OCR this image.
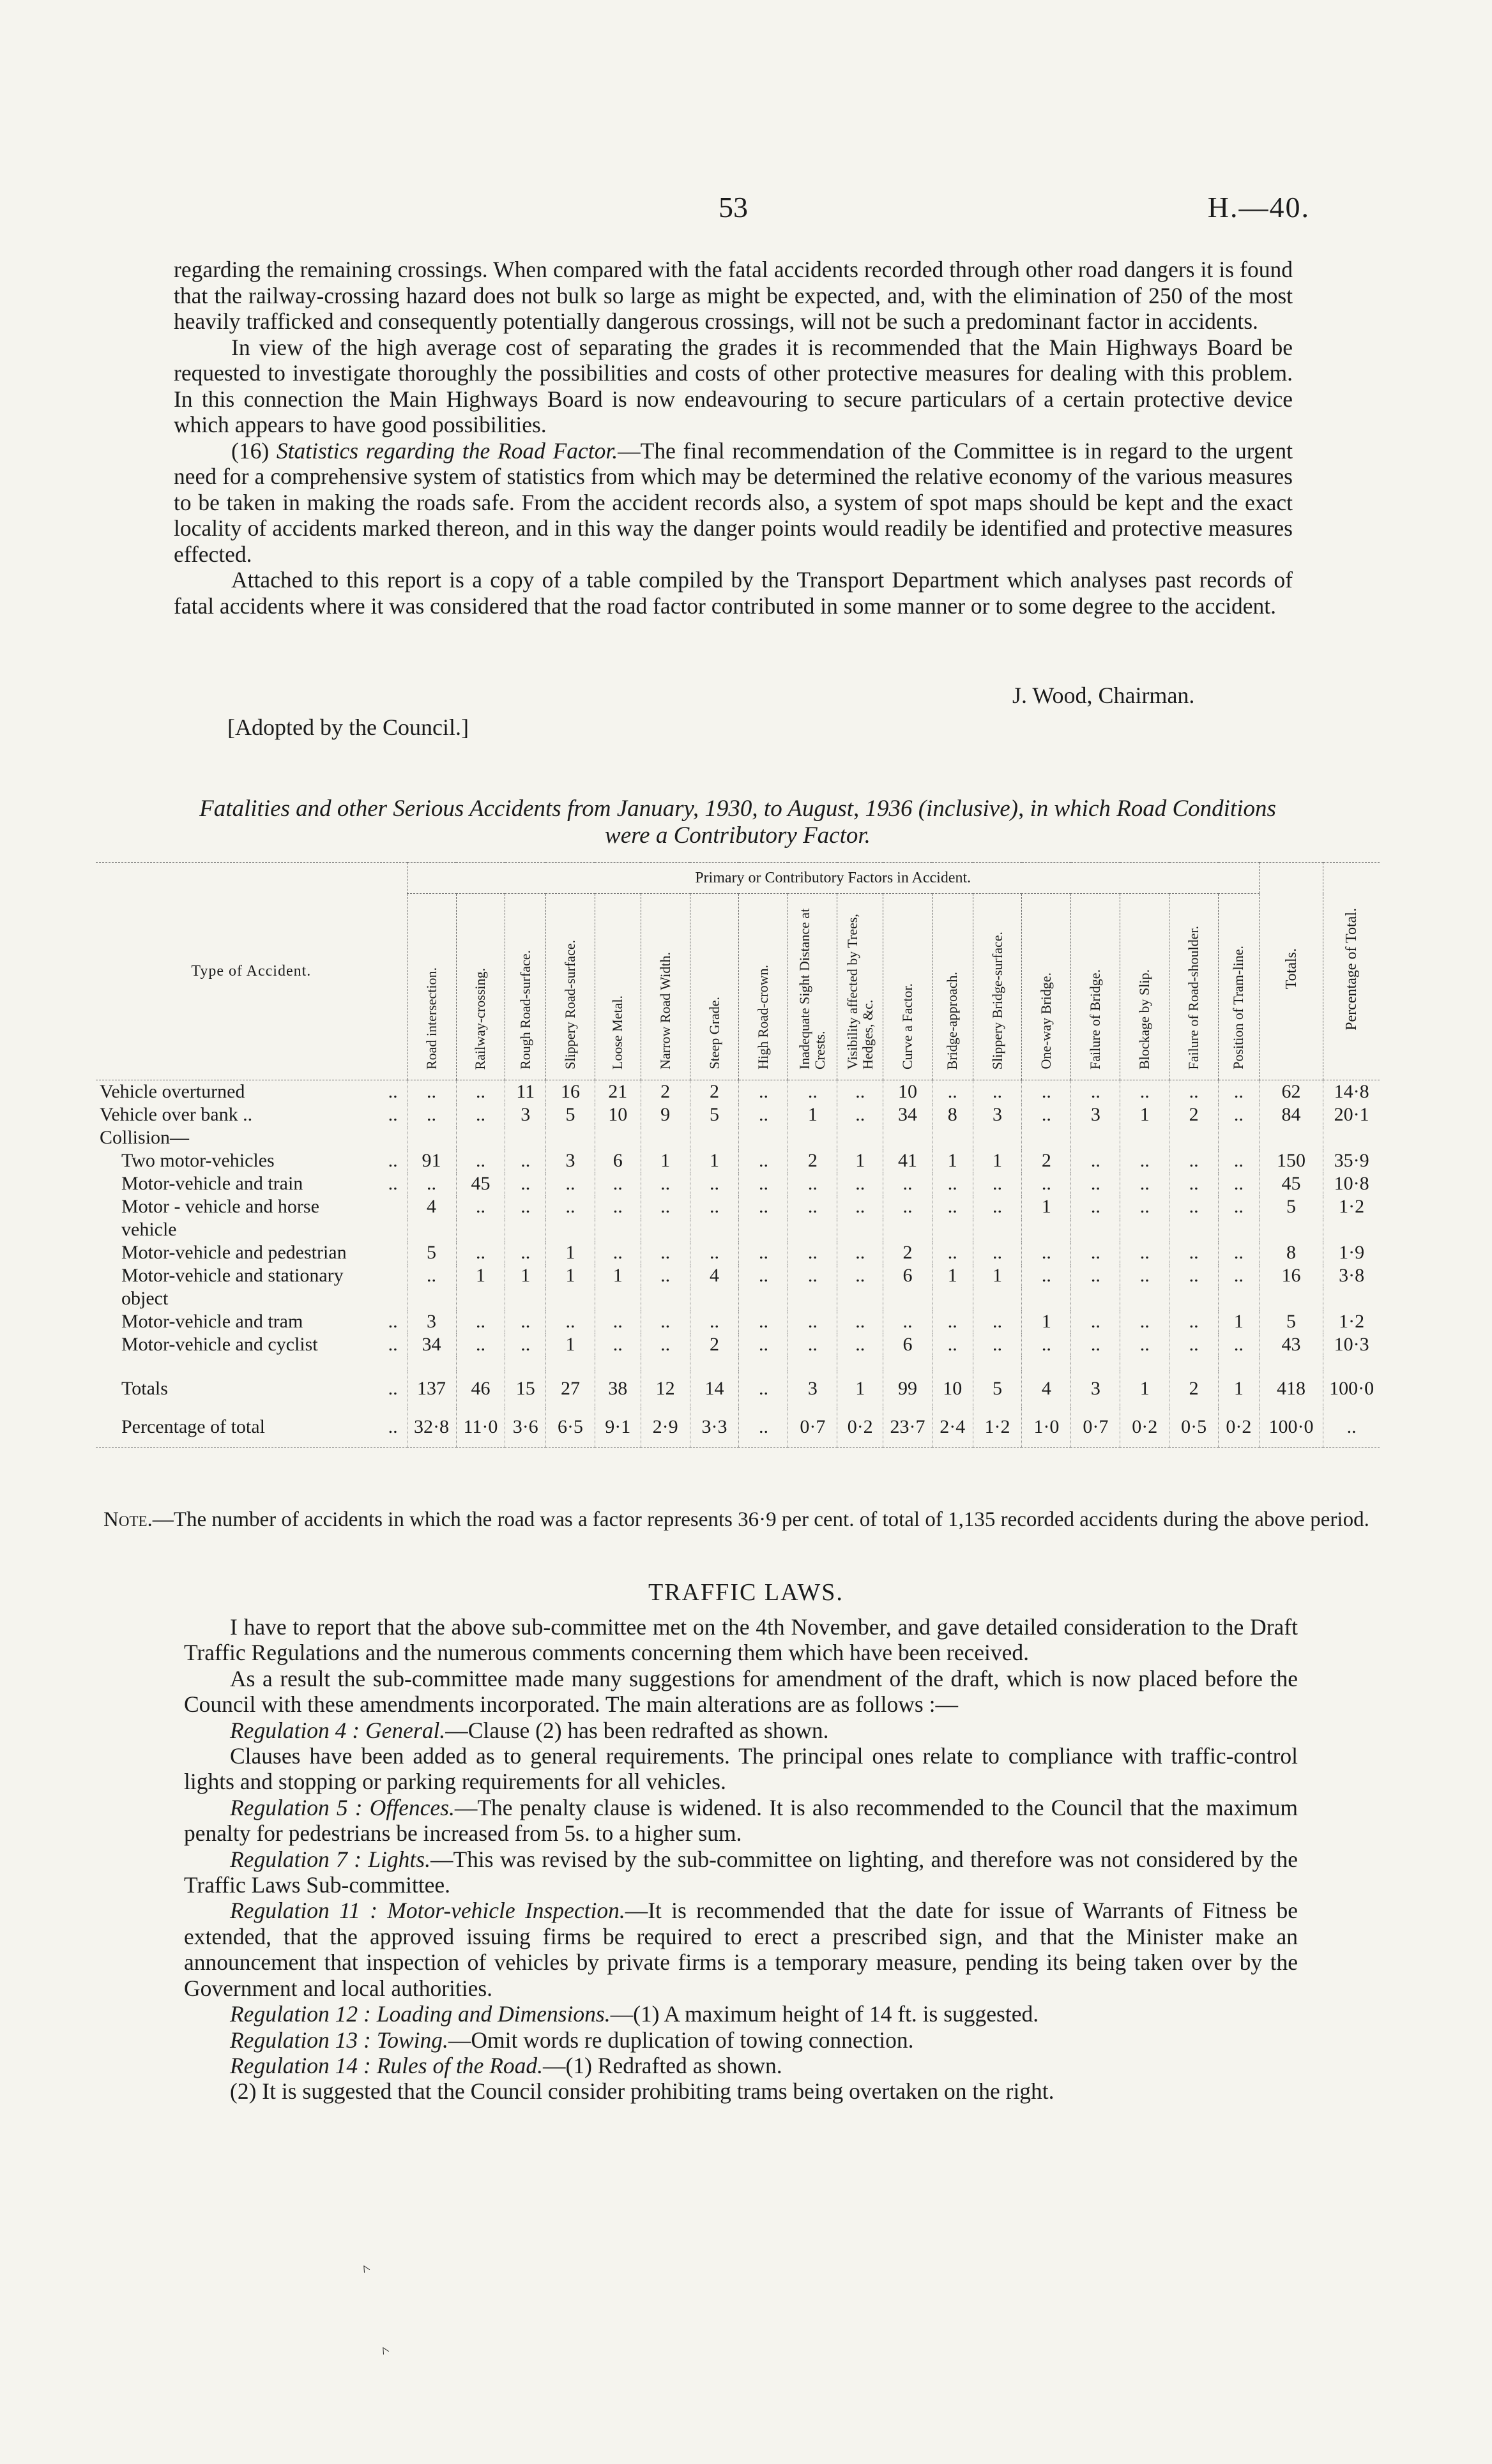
53	H.—40.

regarding the remaining crossings. When compared with the fatal accidents recorded through other road dangers it is found that the railway-crossing hazard does not bulk so large as might be expected, and, with the elimination of 250 of the most heavily trafficked and consequently potentially dangerous crossings, will not be such a predominant factor in accidents.

In view of the high average cost of separating the grades it is recommended that the Main Highways Board be requested to investigate thoroughly the possibilities and costs of other protective measures for dealing with this problem. In this connection the Main Highways Board is now endeavouring to secure particulars of a certain protective device which appears to have good possibilities.

(16) Statistics regarding the Road Factor.—The final recommendation of the Committee is in regard to the urgent need for a comprehensive system of statistics from which may be determined the relative economy of the various measures to be taken in making the roads safe. From the accident records also, a system of spot maps should be kept and the exact locality of accidents marked thereon, and in this way the danger points would readily be identified and protective measures effected.

Attached to this report is a copy of a table compiled by the Transport Department which analyses past records of fatal accidents where it was considered that the road factor contributed in some manner or to some degree to the accident.

J. Wood, Chairman.
[Adopted by the Council.]
Fatalities and other Serious Accidents from January, 1930, to August, 1936 (inclusive), in which Road Conditions
were a Contributory Factor.
Type of Accident.	Primary or Contributory Factors in Accident.																		Totals.	Percentage of Total.
	Road intersection.	Railway-crossing.	Rough Road-surface.	Slippery Road-surface.	Loose Metal.	Narrow Road Width.	Steep Grade.	High Road-crown.	Inadequate Sight Distance at Crests.	Visibility affected by Trees, Hedges, &c.	Curve a Factor.	Bridge-approach.	Slippery Bridge-surface.	One-way Bridge.	Failure of Bridge.	Blockage by Slip.	Failure of Road-shoulder.	Position of Tram-line.		
Vehicle overturned ..	..	..	11	16	21	2	2	..	..	..	10	..	..	..	..	..	..	..	62	14·8
Vehicle over bank .. ..	..	..	3	5	10	9	5	..	1	..	34	8	3	..	3	1	2	..	84	20·1
Collision—																				
Two motor-vehicles ..	91	..	..	3	6	1	1	..	2	1	41	1	1	2	..	..	..	..	150	35·9
Motor-vehicle and train ..	..	45	..	..	..	..	..	..	..	..	..	..	..	..	..	..	..	..	45	10·8
Motor - vehicle and horse	4	..	..	..	..	..	..	..	..	..	..	..	..	1	..	..	..	..	5	1·2
vehicle																				
Motor-vehicle and pedestrian	5	..	..	1	..	..	..	..	..	..	2	..	..	..	..	..	..	..	8	1·9
Motor-vehicle and stationary	..	1	1	1	1	..	4	..	..	..	6	1	1	..	..	..	..	..	16	3·8
object																				
Motor-vehicle and tram ..	3	..	..	..	..	..	..	..	..	..	..	..	..	1	..	..	..	1	5	1·2
Motor-vehicle and cyclist ..	34	..	..	1	..	..	2	..	..	..	6	..	..	..	..	..	..	..	43	10·3

Totals ..	137	46	15	27	38	12	14	..	3	1	99	10	5	4	3	1	2	1	418	100·0
Percentage of total ..	32·8	11·0	3·6	6·5	9·1	2·9	3·3	..	0·7	0·2	23·7	2·4	1·2	1·0	0·7	0·2	0·5	0·2	100·0	..

Note.—The number of accidents in which the road was a factor represents 36·9 per cent. of total of 1,135 recorded accidents during the above period.
TRAFFIC LAWS.

I have to report that the above sub-committee met on the 4th November, and gave detailed consideration to the Draft Traffic Regulations and the numerous comments concerning them which have been received.

As a result the sub-committee made many suggestions for amendment of the draft, which is now placed before the Council with these amendments incorporated. The main alterations are as follows :—

Regulation 4 : General.—Clause (2) has been redrafted as shown.

Clauses have been added as to general requirements. The principal ones relate to compliance with traffic-control lights and stopping or parking requirements for all vehicles.

Regulation 5 : Offences.—The penalty clause is widened. It is also recommended to the Council that the maximum penalty for pedestrians be increased from 5s. to a higher sum.

Regulation 7 : Lights.—This was revised by the sub-committee on lighting, and therefore was not considered by the Traffic Laws Sub-committee.

Regulation 11 : Motor-vehicle Inspection.—It is recommended that the date for issue of Warrants of Fitness be extended, that the approved issuing firms be required to erect a prescribed sign, and that the Minister make an announcement that inspection of vehicles by private firms is a temporary measure, pending its being taken over by the Government and local authorities.

Regulation 12 : Loading and Dimensions.—(1) A maximum height of 14 ft. is suggested.

Regulation 13 : Towing.—Omit words re duplication of towing connection.

Regulation 14 : Rules of the Road.—(1) Redrafted as shown.

(2) It is suggested that the Council consider prohibiting trams being overtaken on the right.

˄
˄
